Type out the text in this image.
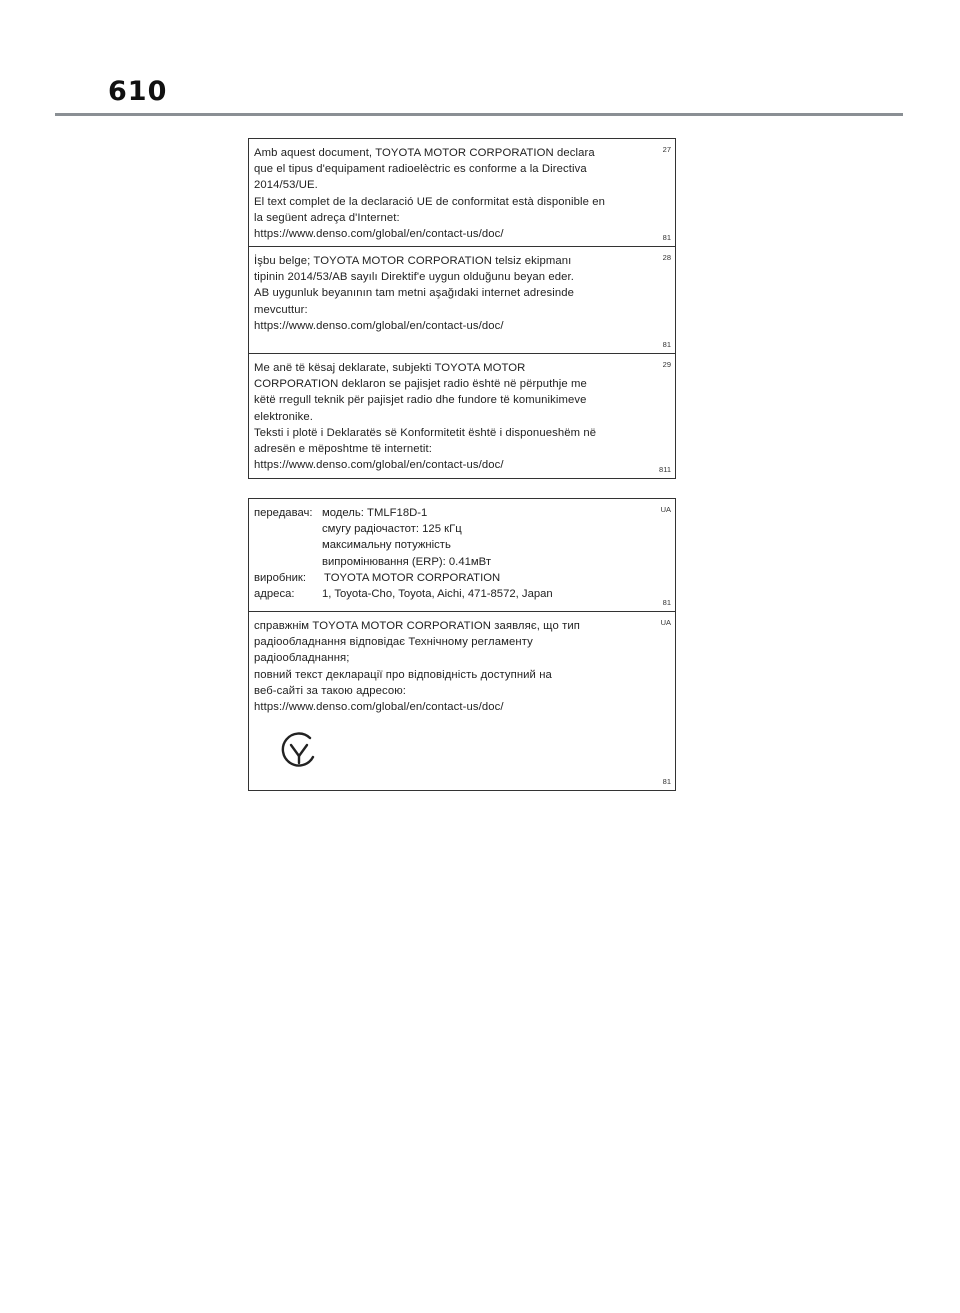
610
Amb aquest document, TOYOTA MOTOR CORPORATION declara
que el tipus d'equipament radioelèctric es conforme a la Directiva
2014/53/UE.
El text complet de la declaració UE de conformitat està disponible en
la següent adreça d'Internet:
https://www.denso.com/global/en/contact-us/doc/
27
81
İşbu belge; TOYOTA MOTOR CORPORATION telsiz ekipmanı
tipinin 2014/53/AB sayılı Direktif'e uygun olduğunu beyan eder.
AB uygunluk beyanının tam metni aşağıdaki internet adresinde
mevcuttur:
https://www.denso.com/global/en/contact-us/doc/
28
81
Me anë të kësaj deklarate, subjekti TOYOTA MOTOR
CORPORATION deklaron se pajisjet radio është në përputhje me
këtë rregull teknik për pajisjet radio dhe fundore të komunikimeve
elektronike.
Teksti i plotë i Deklaratës së Konformitetit është i disponueshëm në
adresën e mëposhtme të internetit:
https://www.denso.com/global/en/contact-us/doc/
29
811
передавач: модель: TMLF18D-1
смугу радіочастот: 125 кГц
максимальну потужність
випромінювання (ERP): 0.41мВт
виробник:	TOYOTA MOTOR CORPORATION
адреса:	1, Toyota-Cho, Toyota, Aichi, 471-8572, Japan
UA
81
справжнім TOYOTA MOTOR CORPORATION заявляє, що тип
радіообладнання відповідає Технічному регламенту
радіообладнання;
повний текст декларації про відповідність доступний на
веб-сайті за такою адресою:
https://www.denso.com/global/en/contact-us/doc/
UA
81
